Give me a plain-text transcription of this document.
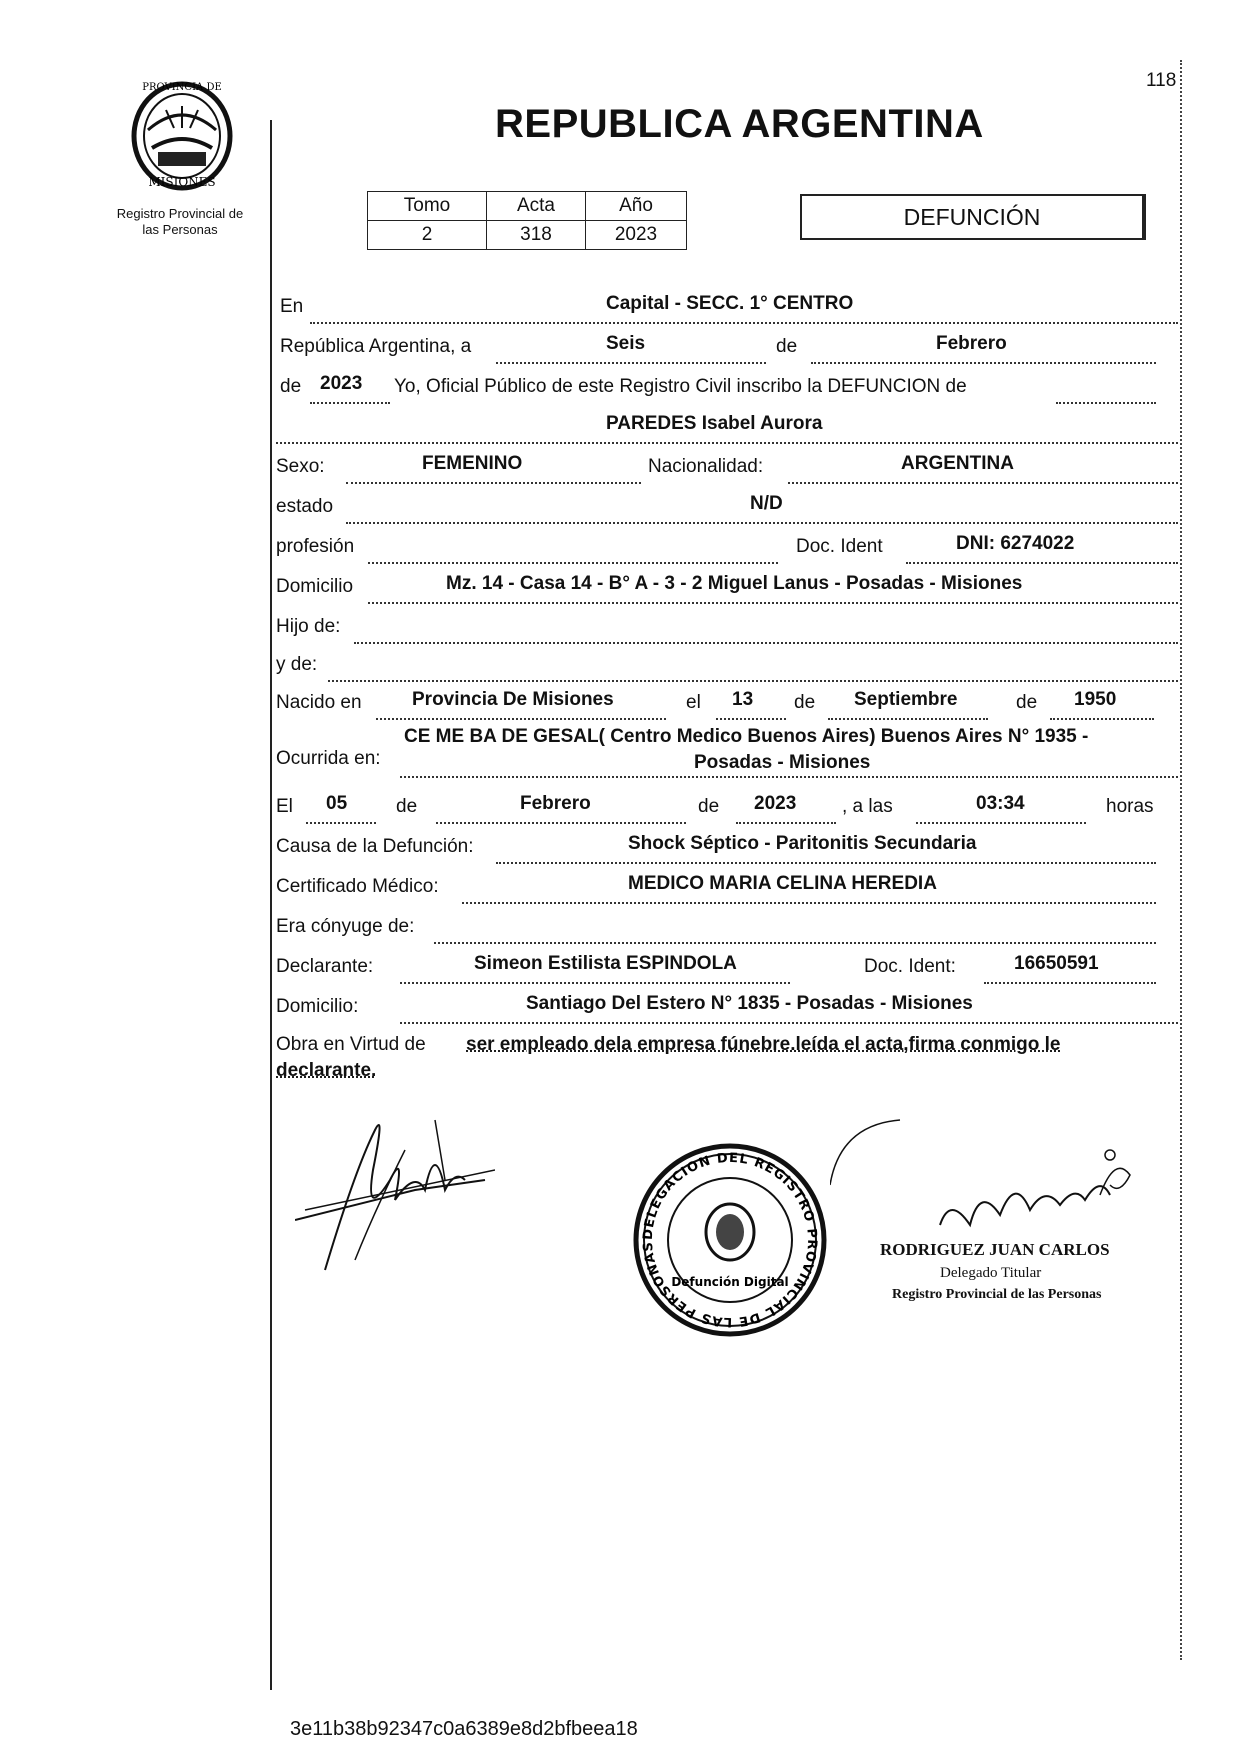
118
PROVINCIA DE
MISIONES
Registro Provincial de
las Personas
REPUBLICA ARGENTINA
Tomo	Acta	Año
2	318	2023
DEFUNCIÓN
En	Capital - SECC. 1° CENTRO
República Argentina, a	Seis	de	Febrero
de 2023 Yo, Oficial Público de este Registro Civil inscribo la DEFUNCION de
PAREDES Isabel Aurora
Sexo:	FEMENINO	Nacionalidad:	ARGENTINA
estado	N/D
profesión	Doc. Ident	DNI: 6274022
Domicilio	Mz. 14 - Casa 14 - B° A - 3 - 2 Miguel Lanus - Posadas - Misiones
Hijo de:
y de:
Nacido en	Provincia De Misiones	el 13 de Septiembre	de 1950
Ocurrida en:
CE ME BA DE GESAL( Centro Medico Buenos Aires) Buenos Aires N° 1935 -
Posadas - Misiones
El 05	de	Febrero	de 2023 , a las	03:34	horas
Causa de la Defunción:	Shock Séptico - Paritonitis Secundaria
Certificado Médico:	MEDICO MARIA CELINA HEREDIA
Era cónyuge de:
Declarante:	Simeon Estilista ESPINDOLA	Doc. Ident:	16650591
Domicilio:	Santiago Del Estero N° 1835 - Posadas - Misiones
Obra en Virtud de ser empleado dela empresa fúnebre.leída el acta,firma conmigo le
declarante.
DELEGACION DEL REGISTRO PROVINCIAL DE LAS PERSONAS
Defunción Digital
RODRIGUEZ JUAN CARLOS
Delegado Titular
Registro Provincial de las Personas
3e11b38b92347c0a6389e8d2bfbeea18
